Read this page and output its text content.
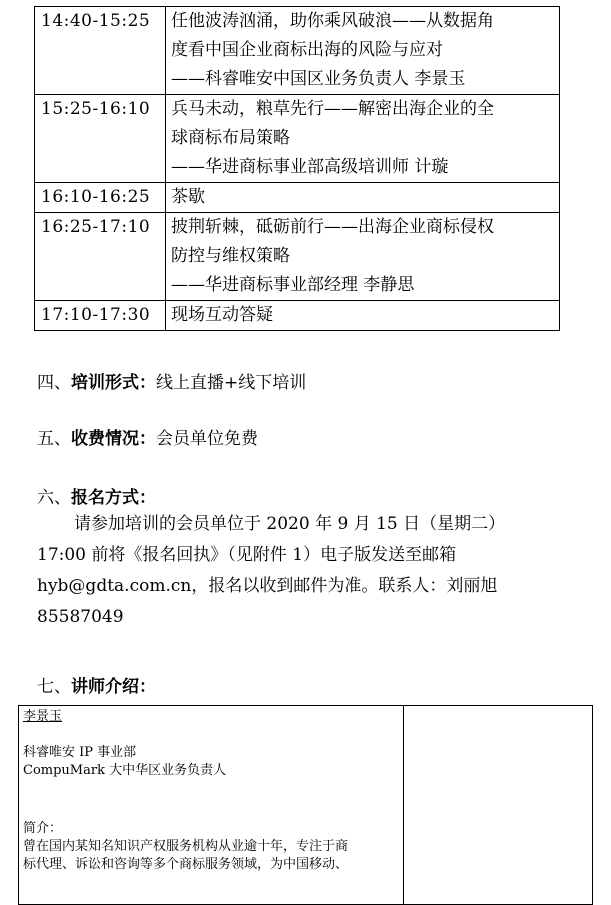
14:40-15:25	任他波涛汹涌，助你乘风破浪——从数据角
度看中国企业商标出海的风险与应对
——科睿唯安中国区业务负责人 李景玉

15:25-16:10	兵马未动，粮草先行——解密出海企业的全
球商标布局策略
——华进商标事业部高级培训师 计璇

16:10-16:25	茶歇

16:25-17:10	披荆斩棘，砥砺前行——出海企业商标侵权
防控与维权策略
——华进商标事业部经理 李静思

17:10-17:30	现场互动答疑
四、培训形式：线上直播+线下培训
五、收费情况：会员单位免费
六、报名方式：
请参加培训的会员单位于 2020 年 9 月 15 日（星期二）
17:00 前将《报名回执》（见附件 1）电子版发送至邮箱
hyb@gdta.com.cn，报名以收到邮件为准。联系人：刘丽旭
85587049
七、讲师介绍：
李景玉
科睿唯安 IP 事业部
CompuMark 大中华区业务负责人
简介：
曾在国内某知名知识产权服务机构从业逾十年，专注于商
标代理、诉讼和咨询等多个商标服务领域，为中国移动、
